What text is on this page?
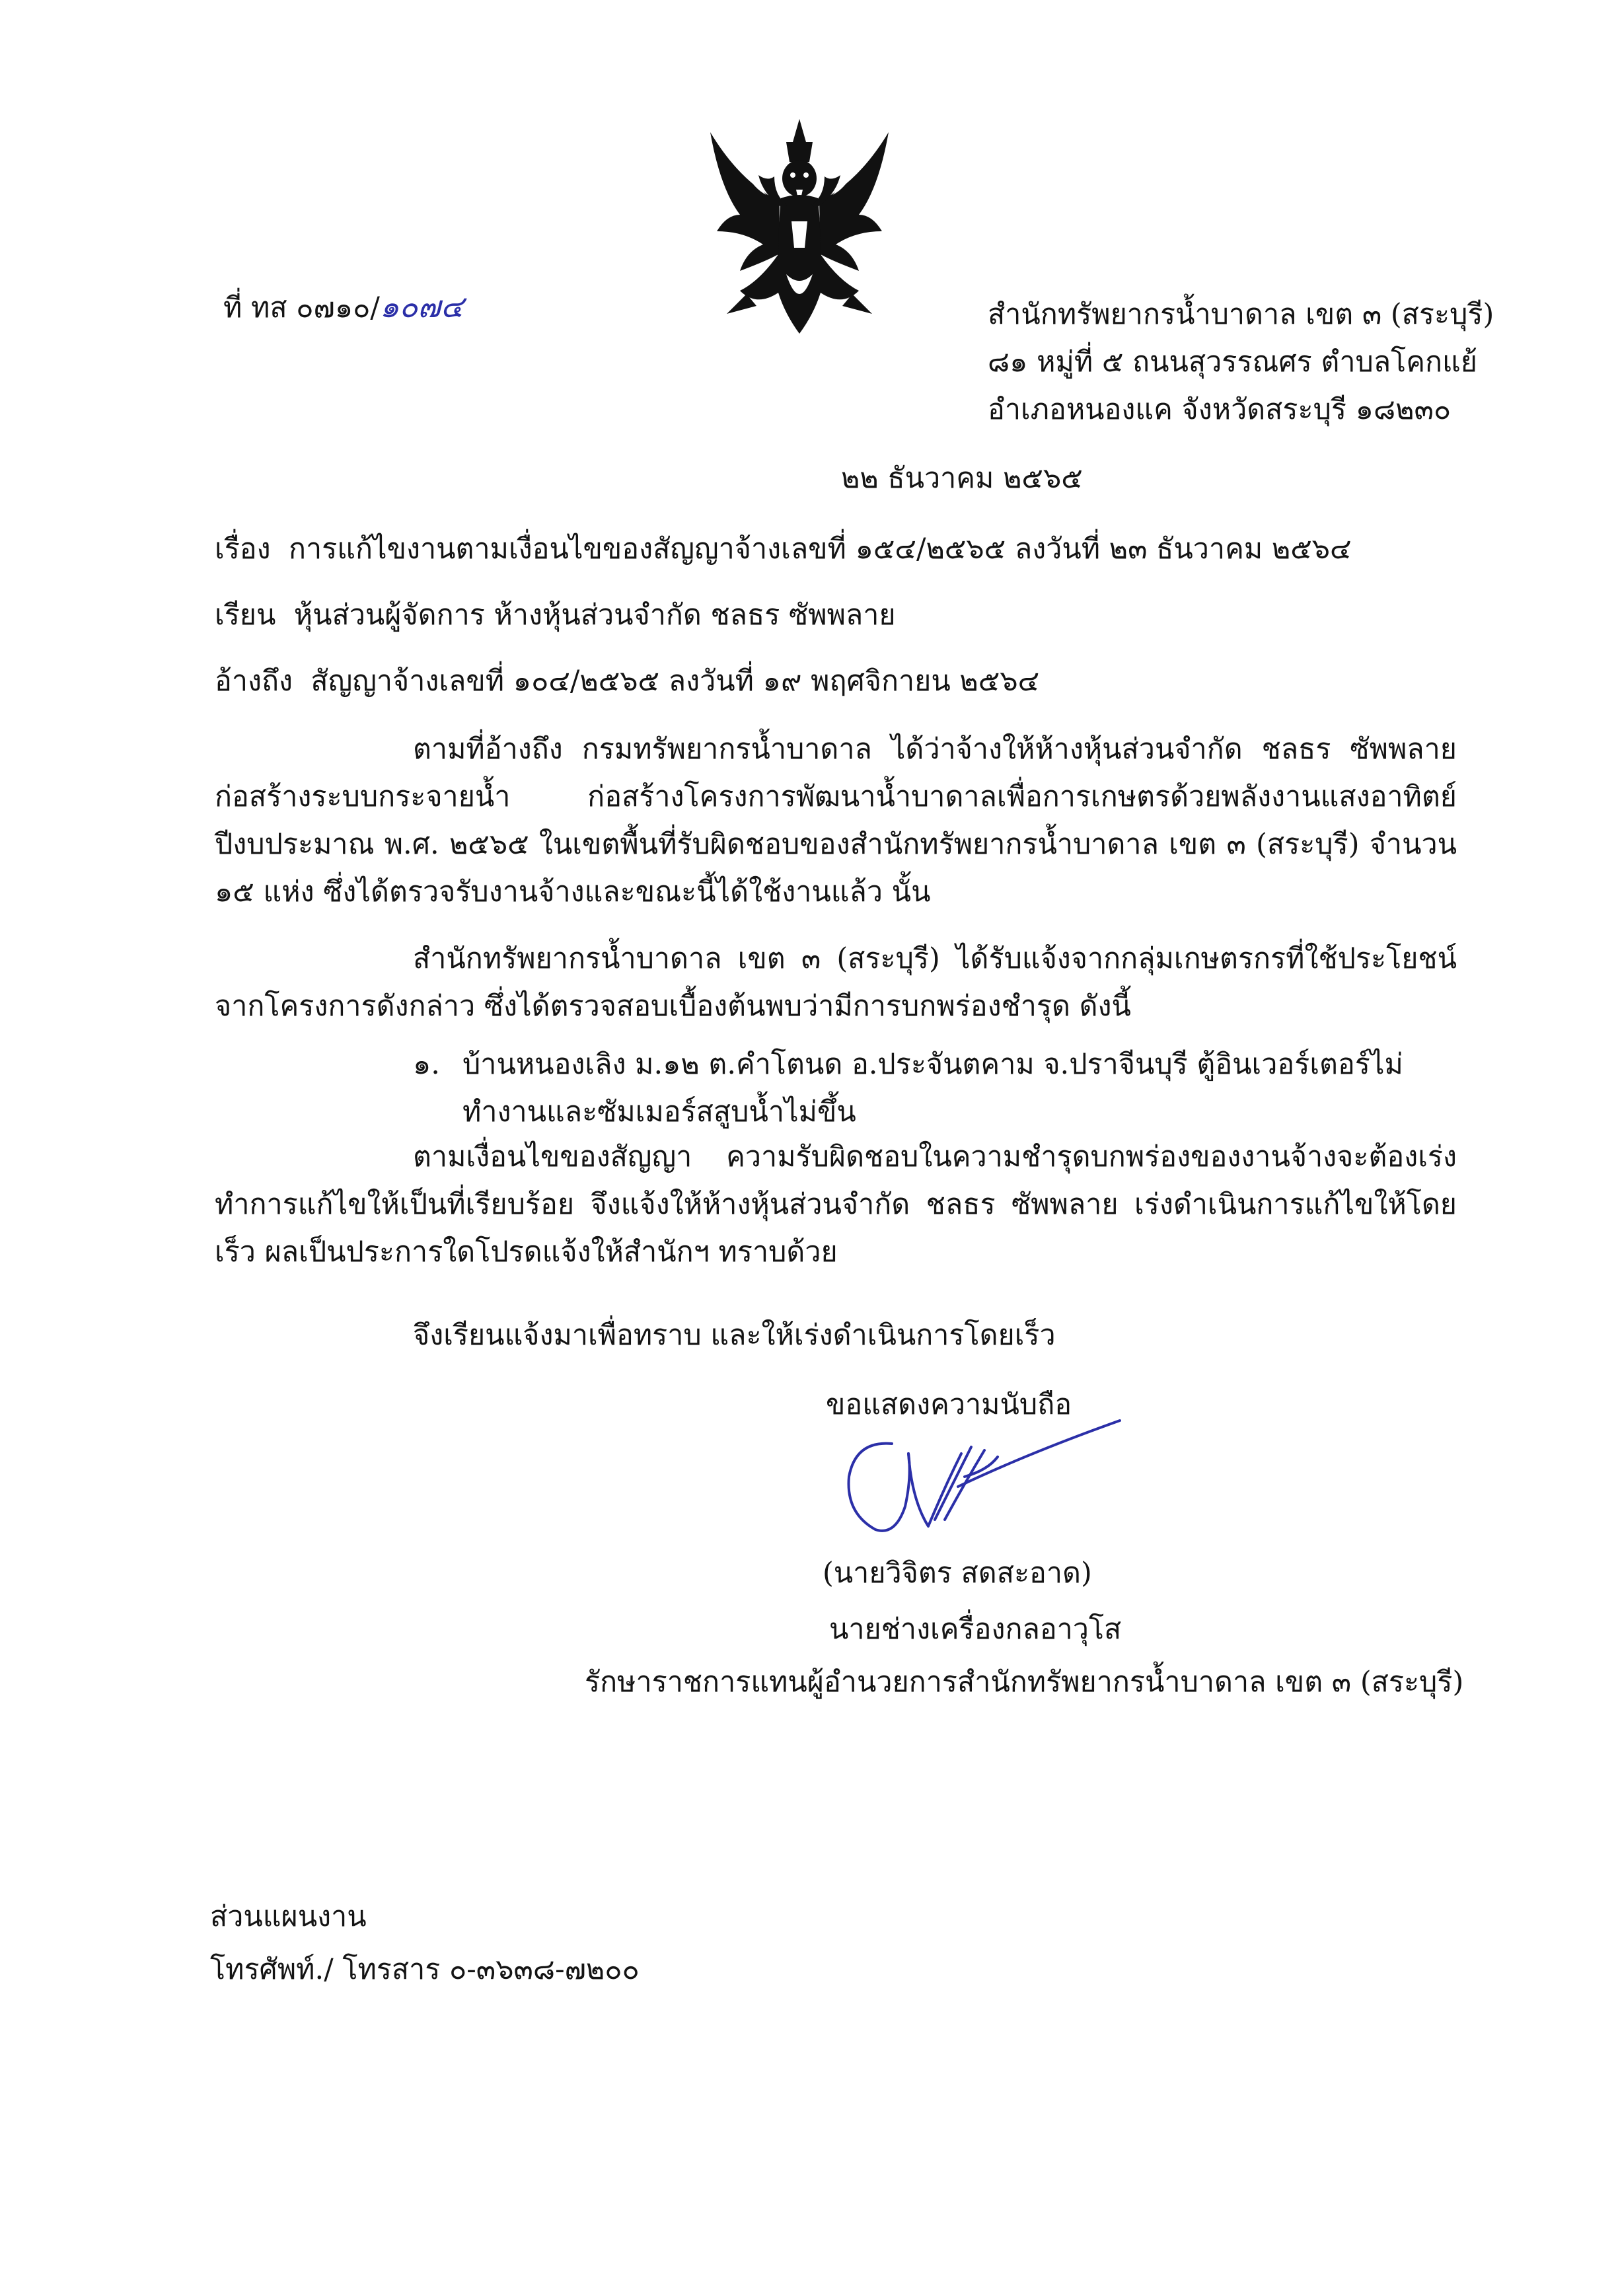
ที่ ทส ๐๗๑๐/๑๐๗๔	สำนักทรัพยากรน้ำบาดาล เขต ๓ (สระบุรี)
๘๑ หมู่ที่ ๕ ถนนสุวรรณศร ตำบลโคกแย้
อำเภอหนองแค จังหวัดสระบุรี ๑๘๒๓๐
๒๒ ธันวาคม ๒๕๖๕
เรื่อง การแก้ไขงานตามเงื่อนไขของสัญญาจ้างเลขที่ ๑๕๔/๒๕๖๕ ลงวันที่ ๒๓ ธันวาคม ๒๕๖๔
เรียน หุ้นส่วนผู้จัดการ ห้างหุ้นส่วนจำกัด ชลธร ซัพพลาย
อ้างถึง สัญญาจ้างเลขที่ ๑๐๔/๒๕๖๕ ลงวันที่ ๑๙ พฤศจิกายน ๒๕๖๔
ตามที่อ้างถึง กรมทรัพยากรน้ำบาดาล ได้ว่าจ้างให้ห้างหุ้นส่วนจำกัด ชลธร ซัพพลาย ก่อสร้างระบบกระจายน้ำ ก่อสร้างโครงการพัฒนาน้ำบาดาลเพื่อการเกษตรด้วยพลังงานแสงอาทิตย์ ปีงบประมาณ พ.ศ. ๒๕๖๕ ในเขตพื้นที่รับผิดชอบของสำนักทรัพยากรน้ำบาดาล เขต ๓ (สระบุรี) จำนวน ๑๕ แห่ง ซึ่งได้ตรวจรับงานจ้างและขณะนี้ได้ใช้งานแล้ว นั้น
สำนักทรัพยากรน้ำบาดาล เขต ๓ (สระบุรี) ได้รับแจ้งจากกลุ่มเกษตรกรที่ใช้ประโยชน์จากโครงการดังกล่าว ซึ่งได้ตรวจสอบเบื้องต้นพบว่ามีการบกพร่องชำรุด ดังนี้
๑. บ้านหนองเลิง ม.๑๒ ต.คำโตนด อ.ประจันตคาม จ.ปราจีนบุรี ตู้อินเวอร์เตอร์ไม่ทำงานและซัมเมอร์สสูบน้ำไม่ขึ้น
ตามเงื่อนไขของสัญญา ความรับผิดชอบในความชำรุดบกพร่องของงานจ้างจะต้องเร่งทำการแก้ไขให้เป็นที่เรียบร้อย จึงแจ้งให้ห้างหุ้นส่วนจำกัด ชลธร ซัพพลาย เร่งดำเนินการแก้ไขให้โดยเร็ว ผลเป็นประการใดโปรดแจ้งให้สำนักฯ ทราบด้วย
จึงเรียนแจ้งมาเพื่อทราบ และให้เร่งดำเนินการโดยเร็ว
ขอแสดงความนับถือ
(นายวิจิตร สดสะอาด)
นายช่างเครื่องกลอาวุโส
รักษาราชการแทนผู้อำนวยการสำนักทรัพยากรน้ำบาดาล เขต ๓ (สระบุรี)
ส่วนแผนงาน
โทรศัพท์./ โทรสาร ๐-๓๖๓๘-๗๒๐๐
